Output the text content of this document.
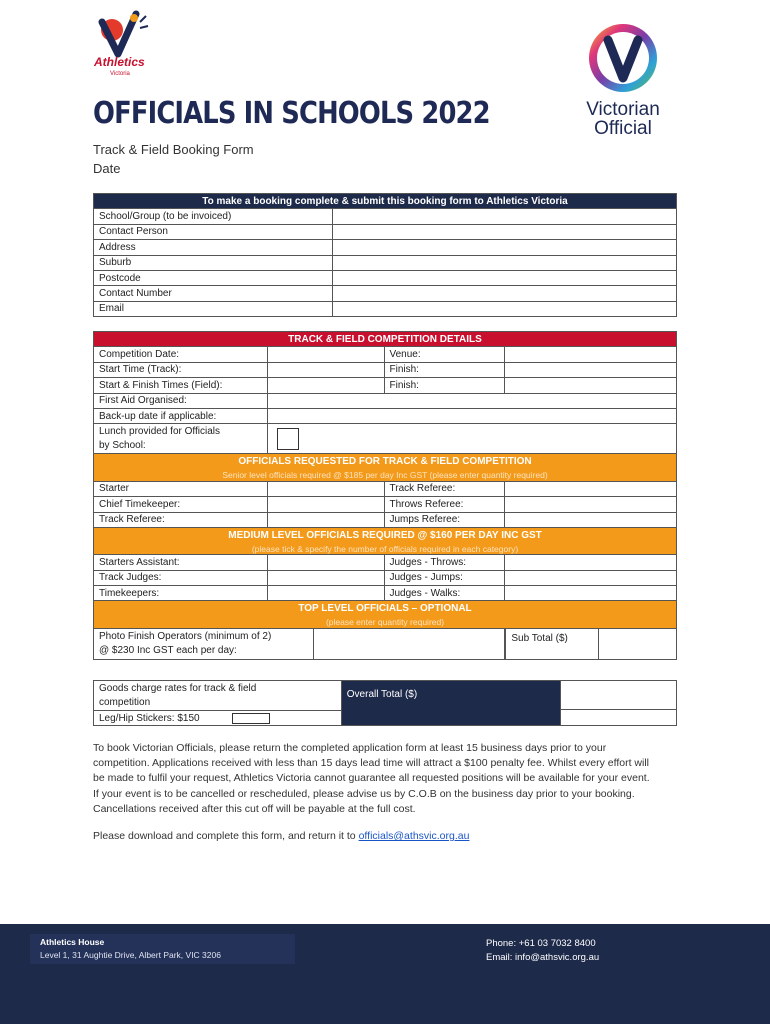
Athletics
Victoria
Victorian
Official
OFFICIALS IN SCHOOLS 2022
Track & Field Booking Form
Date
To make a booking complete & submit this booking form to Athletics Victoria	
School/Group (to be invoiced)	
Contact Person	
Address	
Suburb	
Postcode	
Contact Number	
Email	
TRACK & FIELD COMPETITION DETAILS				
Competition Date:			Venue:	
Start Time (Track):			Finish:	
Start & Finish Times (Field):			Finish:	
First Aid Organised:				
Back-up date if applicable:				
Lunch provided for Officials
by School:				
OFFICIALS REQUESTED FOR TRACK & FIELD COMPETITION				
Senior level officials required @ $185 per day Inc GST (please enter quantity required)				
Starter			Track Referee:	
Chief Timekeeper:			Throws Referee:	
Track Referee:			Jumps Referee:	
MEDIUM LEVEL OFFICIALS REQUIRED @ $160 PER DAY INC GST				
(please tick & specify the number of officials required in each category)				
Starters Assistant:			Judges - Throws:	
Track Judges:			Judges - Jumps:	
Timekeepers:			Judges - Walks:	
TOP LEVEL OFFICIALS – OPTIONAL				
(please enter quantity required)				
Photo Finish Operators (minimum of 2)
@ $230 Inc GST each per day:				Sub Total ($)
Goods charge rates for track & field
competition	Overall Total ($)	

Leg/Hip Stickers: $150
To book Victorian Officials, please return the completed application form at least 15 business days prior to your competition. Applications received with less than 15 days lead time will attract a $100 penalty fee. Whilst every effort will be made to fulfil your request, Athletics Victoria cannot guarantee all requested positions will be available for your event. If your event is to be cancelled or rescheduled, please advise us by C.O.B on the business day prior to your booking. Cancellations received after this cut off will be payable at the full cost.
Please download and complete this form, and return it to officials@athsvic.org.au
Athletics House
Level 1, 31 Aughtie Drive, Albert Park, VIC 3206
Phone: +61 03 7032 8400
Email: info@athsvic.org.au
